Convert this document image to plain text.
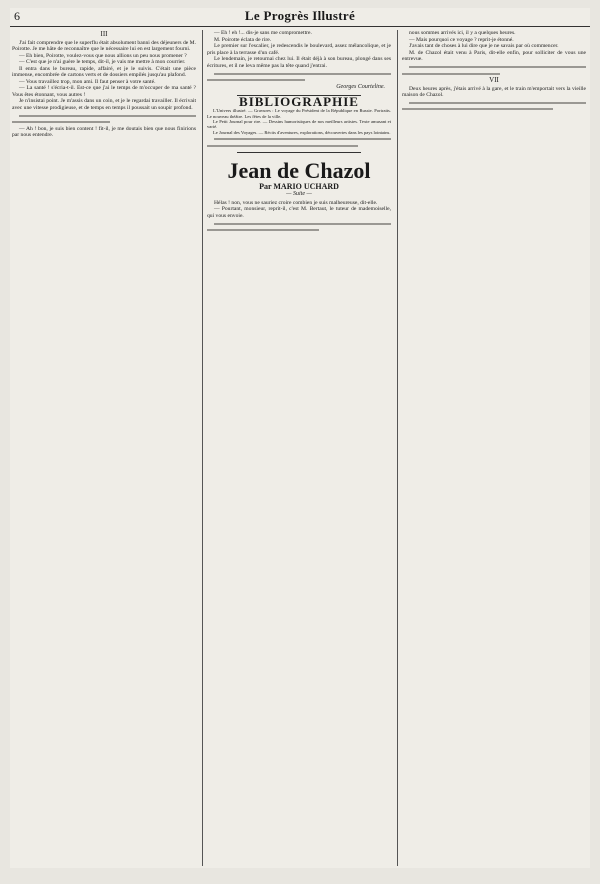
6	Le Progrès Illustré
III

J'ai fait comprendre que le superflu était absolument banni des déjeuners de M. Poirotte. Je me hâte de reconnaître que le nécessaire lui en est largement fourni.

— Eh bien, Poirotte, voulez-vous que nous allions un peu nous promener ?

— C'est que je n'ai guère le temps, dit-il, je vais me mettre à mon courrier.

Il entra dans le bureau, rapide, affairé, et je le suivis. C'était une pièce immense, encombrée de cartons verts et de dossiers empilés jusqu'au plafond.

— Vous travaillez trop, mon ami. Il faut penser à votre santé.

— La santé ! s'écria-t-il. Est-ce que j'ai le temps de m'occuper de ma santé ? Vous êtes étonnant, vous autres !

Je n'insistai point. Je m'assis dans un coin, et je le regardai travailler. Il écrivait avec une vitesse prodigieuse, et de temps en temps il poussait un soupir profond.

— Ah ! bon, je suis bien content ! fit-il, je me doutais bien que nous finirions par nous entendre.

— Eh ! eh !... dis-je sans me compromettre.

M. Poirotte éclata de rire.

Le premier sur l'escalier, je redescendis le boulevard, assez mélancolique, et je pris place à la terrasse d'un café.

Le lendemain, je retournai chez lui. Il était déjà à son bureau, plongé dans ses écritures, et il ne leva même pas la tête quand j'entrai.

Georges Courteline.
BIBLIOGRAPHIE

L'Univers illustré. — Gravures : Le voyage du Président de la République en Russie. Portraits. Le nouveau théâtre. Les fêtes de la ville.

Le Petit Journal pour rire. — Dessins humoristiques de nos meilleurs artistes. Texte amusant et varié.

Le Journal des Voyages. — Récits d'aventures, explorations, découvertes dans les pays lointains.

Jean de Chazol
Par MARIO UCHARD
— Suite —

Hélas ! non, vous ne sauriez croire combien je suis malheureuse, dit-elle.

— Pourtant, monsieur, reprit-il, c'est M. Bertaut, le tuteur de mademoiselle, qui vous envoie.

nous sommes arrivés ici, il y a quelques heures.

— Mais pourquoi ce voyage ? reprit-je étonné.

J'avais tant de choses à lui dire que je ne savais par où commencer.

M. de Chazol était venu à Paris, dit-elle enfin, pour solliciter de vous une entrevue.

VII

Deux heures après, j'étais arrivé à la gare, et le train m'emportait vers la vieille maison de Chazol.
